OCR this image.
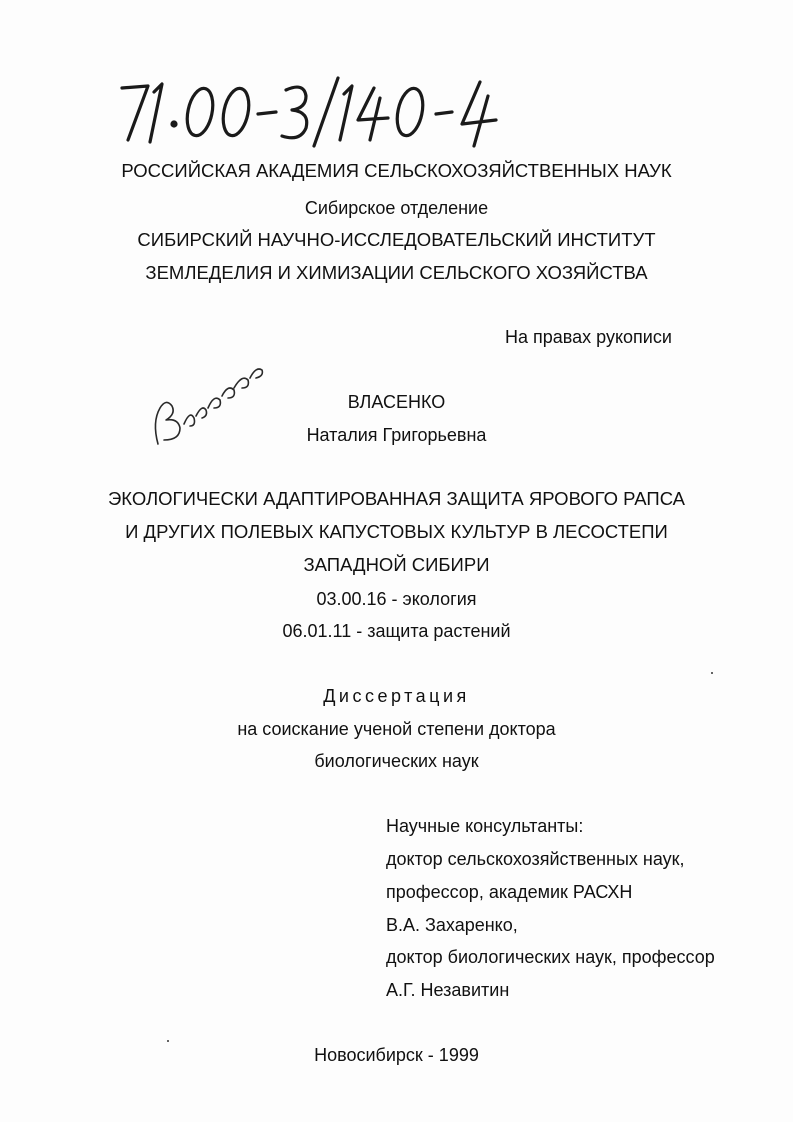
РОССИЙСКАЯ АКАДЕМИЯ СЕЛЬСКОХОЗЯЙСТВЕННЫХ НАУК
Сибирское отделение
СИБИРСКИЙ НАУЧНО-ИССЛЕДОВАТЕЛЬСКИЙ ИНСТИТУТ
ЗЕМЛЕДЕЛИЯ И ХИМИЗАЦИИ СЕЛЬСКОГО ХОЗЯЙСТВА
На правах рукописи
ВЛАСЕНКО
Наталия Григорьевна
ЭКОЛОГИЧЕСКИ АДАПТИРОВАННАЯ ЗАЩИТА ЯРОВОГО РАПСА
И ДРУГИХ ПОЛЕВЫХ КАПУСТОВЫХ КУЛЬТУР В ЛЕСОСТЕПИ
ЗАПАДНОЙ СИБИРИ
03.00.16 - экология
06.01.11 - защита растений
Диссертация
на соискание ученой степени доктора
биологических наук
Научные консультанты:
доктор сельскохозяйственных наук,
профессор, академик РАСХН
В.А. Захаренко,
доктор биологических наук, профессор
А.Г. Незавитин
Новосибирск - 1999
